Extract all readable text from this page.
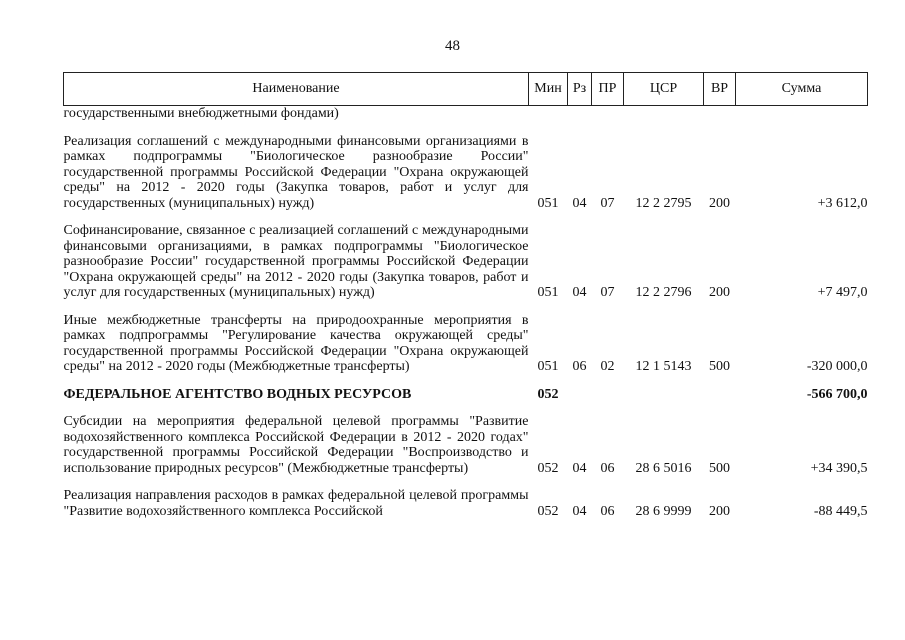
48
Наименование	Мин	Рз	ПР	ЦСР	ВР	Сумма
государственными внебюджетными фондами)						

Реализация соглашений с международными финансовыми организациями в рамках подпрограммы "Биологическое разнообразие России" государственной программы Российской Федерации "Охрана окружающей среды" на 2012 - 2020 годы (Закупка товаров, работ и услуг для государственных (муниципальных) нужд)	051	04	07	12 2 2795	200	+3 612,0

Софинансирование, связанное с реализацией соглашений с международными финансовыми организациями, в рамках подпрограммы "Биологическое разнообразие России" государственной программы Российской Федерации "Охрана окружающей среды" на 2012 - 2020 годы (Закупка товаров, работ и услуг для государственных (муниципальных) нужд)	051	04	07	12 2 2796	200	+7 497,0

Иные межбюджетные трансферты на природоохранные мероприятия в рамках подпрограммы "Регулирование качества окружающей среды" государственной программы Российской Федерации "Охрана окружающей среды" на 2012 - 2020 годы (Межбюджетные трансферты)	051	06	02	12 1 5143	500	-320 000,0

ФЕДЕРАЛЬНОЕ АГЕНТСТВО ВОДНЫХ РЕСУРСОВ	052					-566 700,0

Субсидии на мероприятия федеральной целевой программы "Развитие водохозяйственного комплекса Российской Федерации в 2012 - 2020 годах" государственной программы Российской Федерации "Воспроизводство и использование природных ресурсов" (Межбюджетные трансферты)	052	04	06	28 6 5016	500	+34 390,5

Реализация направления расходов в рамках федеральной целевой программы "Развитие водохозяйственного комплекса Российской	052	04	06	28 6 9999	200	-88 449,5
